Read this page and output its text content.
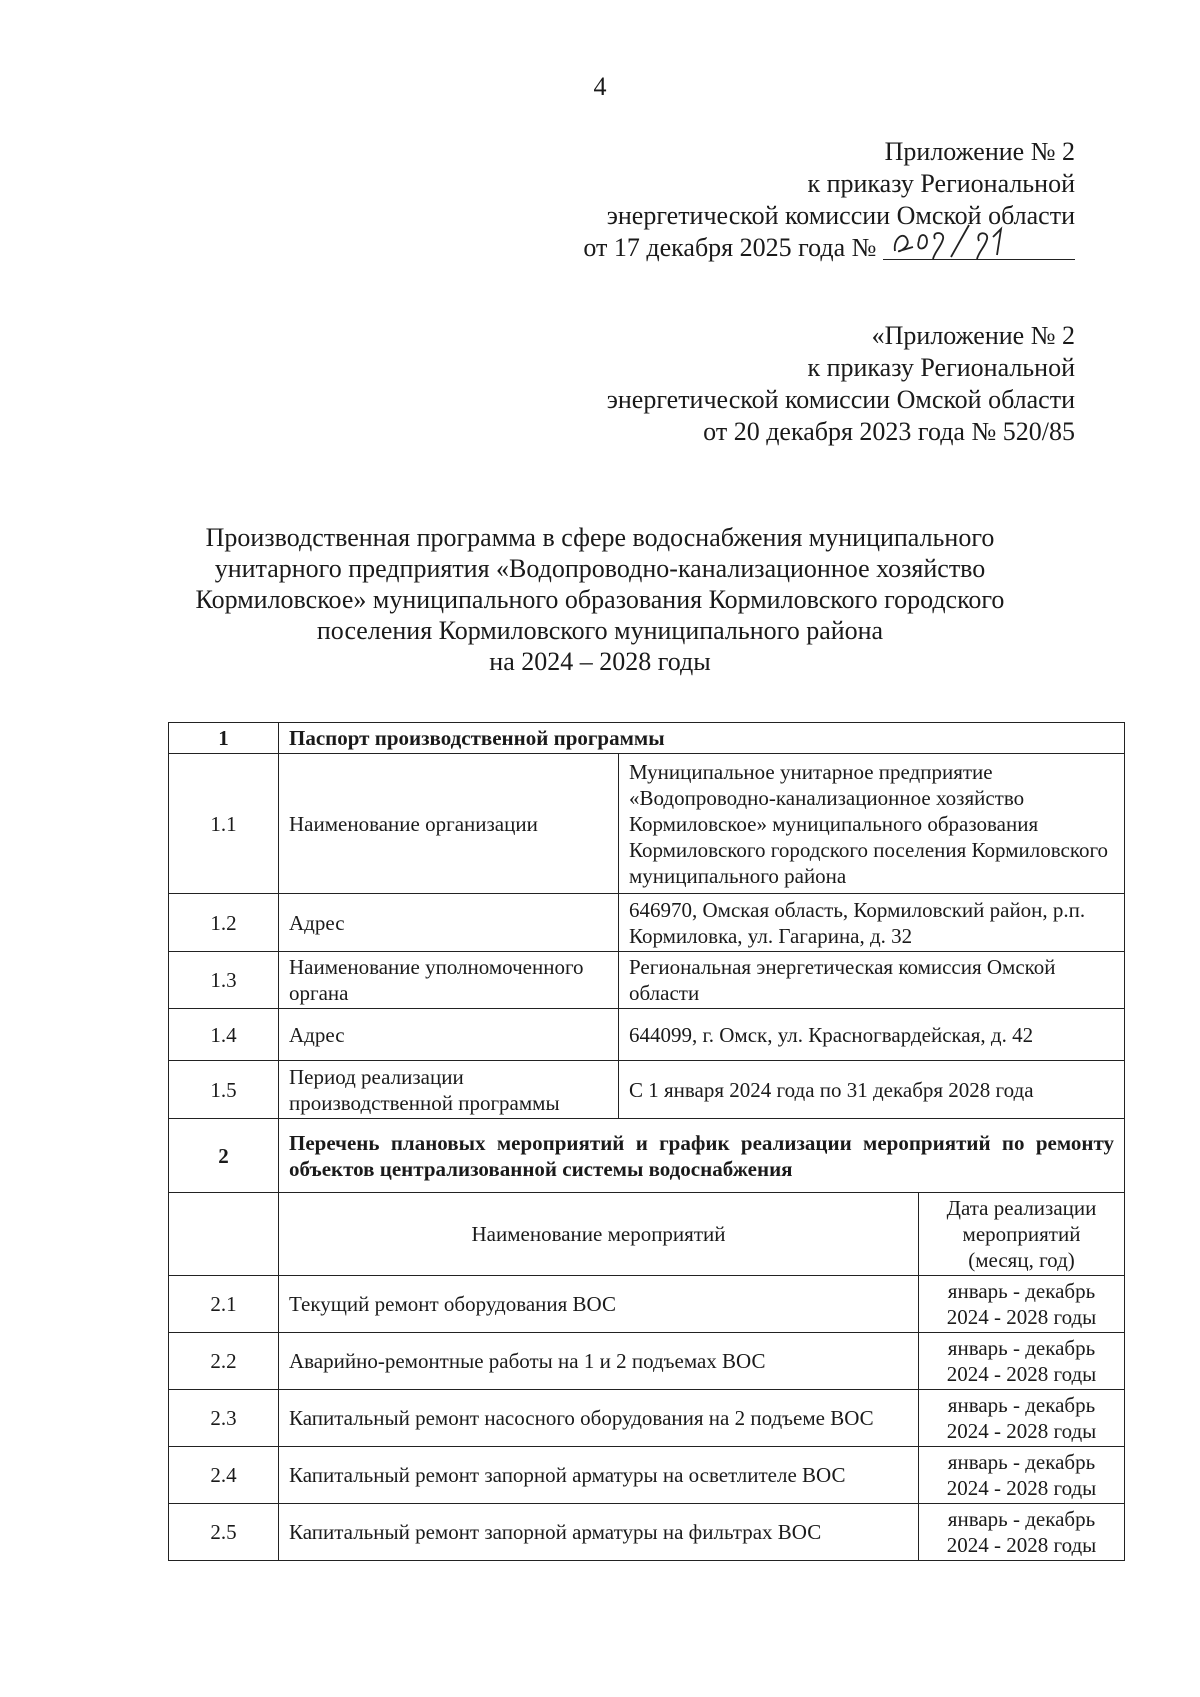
4
Приложение № 2
к приказу Региональной
энергетической комиссии Омской области
от 17 декабря 2025 года №
«Приложение № 2
к приказу Региональной
энергетической комиссии Омской области
от 20 декабря 2023 года № 520/85
Производственная программа в сфере водоснабжения муниципального
унитарного предприятия «Водопроводно-канализационное хозяйство
Кормиловское» муниципального образования Кормиловского городского
поселения Кормиловского муниципального района
на 2024 – 2028 годы
1	Паспорт производственной программы		
1.1	Наименование организации	Муниципальное унитарное предприятие «Водопроводно-канализационное хозяйство Кормиловское» муниципального образования Кормиловского городского поселения Кормиловского муниципального района	
1.2	Адрес	646970, Омская область, Кормиловский район, р.п. Кормиловка, ул. Гагарина, д. 32	
1.3	Наименование уполномоченного органа	Региональная энергетическая комиссия Омской области	
1.4	Адрес	644099, г. Омск, ул. Красногвардейская, д. 42	
1.5	Период реализации производственной программы	С 1 января 2024 года по 31 декабря 2028 года	
2	Перечень плановых мероприятий и график реализации мероприятий по ремонту объектов централизованной системы водоснабжения		
	Наименование мероприятий		Дата реализации мероприятий (месяц, год)
2.1	Текущий ремонт оборудования ВОС		январь - декабрь 2024 - 2028 годы
2.2	Аварийно-ремонтные работы на 1 и 2 подъемах ВОС		январь - декабрь 2024 - 2028 годы
2.3	Капитальный ремонт насосного оборудования на 2 подъеме ВОС		январь - декабрь 2024 - 2028 годы
2.4	Капитальный ремонт запорной арматуры на осветлителе ВОС		январь - декабрь 2024 - 2028 годы
2.5	Капитальный ремонт запорной арматуры на фильтрах ВОС		январь - декабрь 2024 - 2028 годы
